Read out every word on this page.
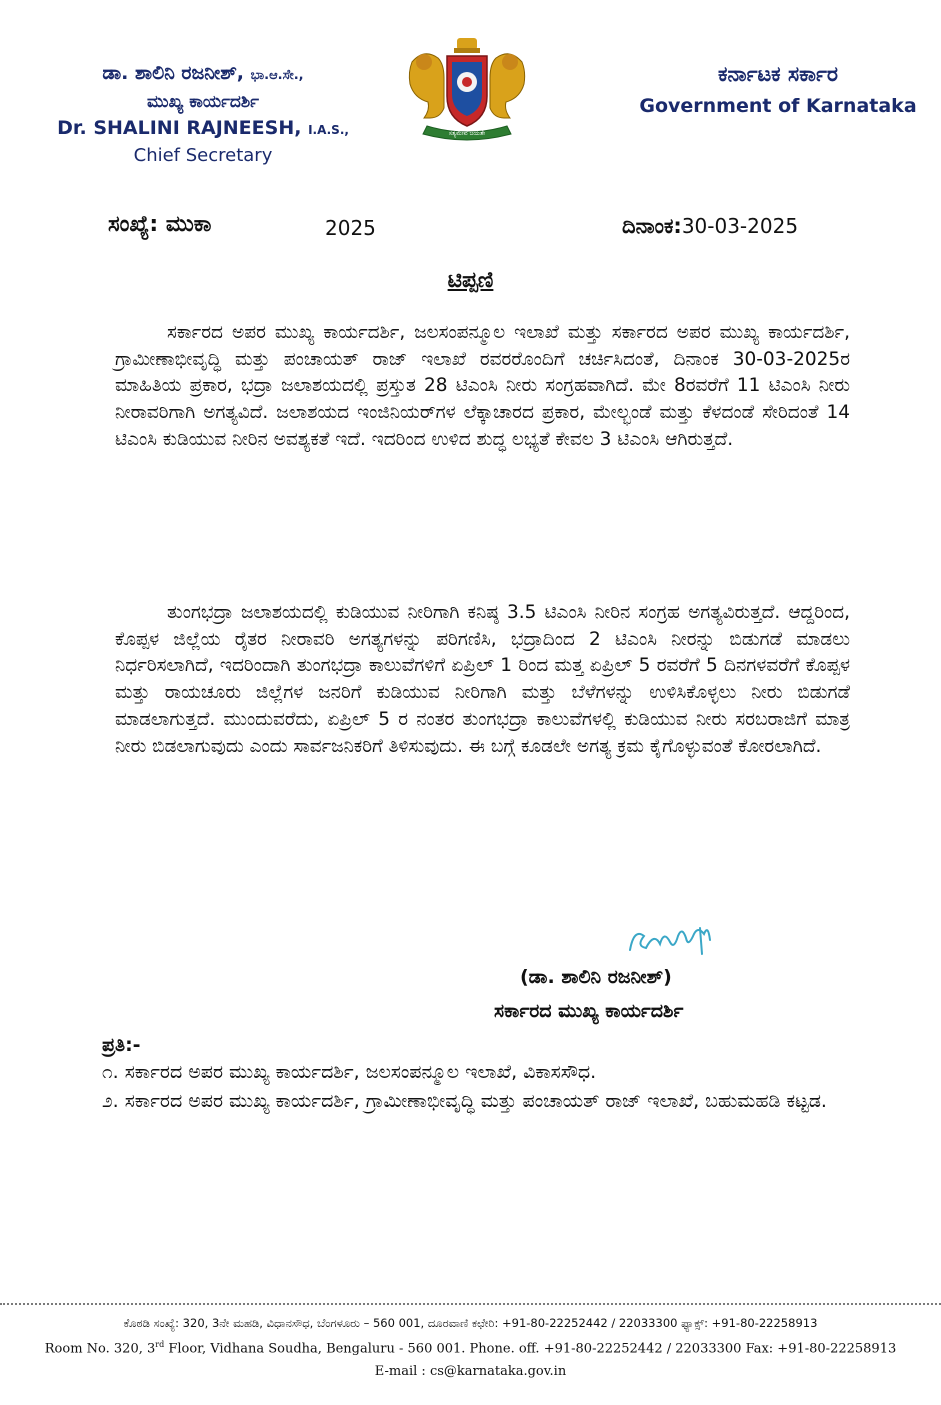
ಡಾ. ಶಾಲಿನಿ ರಜನೀಶ್, ಭಾ.ಆ.ಸೇ.,
ಮುಖ್ಯ ಕಾರ್ಯದರ್ಶಿ
Dr. SHALINI RAJNEESH, I.A.S.,
Chief Secretary
ಸತ್ಯಮೇವ ಜಯತೇ
ಕರ್ನಾಟಕ ಸರ್ಕಾರ
Government of Karnataka
ಸಂಖ್ಯೆ: ಮುಕಾ	2025	ದಿನಾಂಕ:30-03-2025
ಟಿಪ್ಪಣಿ
ಸರ್ಕಾರದ ಅಪರ ಮುಖ್ಯ ಕಾರ್ಯದರ್ಶಿ, ಜಲಸಂಪನ್ಮೂಲ ಇಲಾಖೆ ಮತ್ತು ಸರ್ಕಾರದ ಅಪರ ಮುಖ್ಯ ಕಾರ್ಯದರ್ಶಿ, ಗ್ರಾಮೀಣಾಭೀವೃದ್ಧಿ ಮತ್ತು ಪಂಚಾಯತ್ ರಾಜ್ ಇಲಾಖೆ ರವರರೊಂದಿಗೆ ಚರ್ಚಿಸಿದಂತೆ, ದಿನಾಂಕ 30-03-2025ರ ಮಾಹಿತಿಯ ಪ್ರಕಾರ, ಭದ್ರಾ ಜಲಾಶಯದಲ್ಲಿ ಪ್ರಸ್ತುತ 28 ಟಿಎಂಸಿ ನೀರು ಸಂಗ್ರಹವಾಗಿದೆ. ಮೇ 8ರವರೆಗೆ 11 ಟಿಎಂಸಿ ನೀರು ನೀರಾವರಿಗಾಗಿ ಅಗತ್ಯವಿದೆ. ಜಲಾಶಯದ ಇಂಜಿನಿಯರ್‌ಗಳ ಲೆಕ್ಕಾಚಾರದ ಪ್ರಕಾರ, ಮೇಲ್ಭಂಡೆ ಮತ್ತು ಕೆಳದಂಡೆ ಸೇರಿದಂತೆ 14 ಟಿಎಂಸಿ ಕುಡಿಯುವ ನೀರಿನ ಅವಶ್ಯಕತೆ ಇದೆ. ಇದರಿಂದ ಉಳಿದ ಶುದ್ಧ ಲಭ್ಯತೆ ಕೇವಲ 3 ಟಿಎಂಸಿ ಆಗಿರುತ್ತದೆ.
ತುಂಗಭದ್ರಾ ಜಲಾಶಯದಲ್ಲಿ ಕುಡಿಯುವ ನೀರಿಗಾಗಿ ಕನಿಷ್ಠ 3.5 ಟಿಎಂಸಿ ನೀರಿನ ಸಂಗ್ರಹ ಅಗತ್ಯವಿರುತ್ತದೆ. ಆದ್ದರಿಂದ, ಕೊಪ್ಪಳ ಜಿಲ್ಲೆಯ ರೈತರ ನೀರಾವರಿ ಅಗತ್ಯಗಳನ್ನು ಪರಿಗಣಿಸಿ, ಭದ್ರಾದಿಂದ 2 ಟಿಎಂಸಿ ನೀರನ್ನು ಬಿಡುಗಡೆ ಮಾಡಲು ನಿರ್ಧರಿಸಲಾಗಿದೆ, ಇದರಿಂದಾಗಿ ತುಂಗಭದ್ರಾ ಕಾಲುವೆಗಳಿಗೆ ಏಪ್ರಿಲ್ 1 ರಿಂದ ಮತ್ತ ಏಪ್ರಿಲ್ 5 ರವರೆಗೆ 5 ದಿನಗಳವರೆಗೆ ಕೊಪ್ಪಳ ಮತ್ತು ರಾಯಚೂರು ಜಿಲ್ಲೆಗಳ ಜನರಿಗೆ ಕುಡಿಯುವ ನೀರಿಗಾಗಿ ಮತ್ತು ಬೆಳೆಗಳನ್ನು ಉಳಿಸಿಕೊಳ್ಳಲು ನೀರು ಬಿಡುಗಡೆ ಮಾಡಲಾಗುತ್ತದೆ. ಮುಂದುವರೆದು, ಏಪ್ರಿಲ್ 5 ರ ನಂತರ ತುಂಗಭದ್ರಾ ಕಾಲುವೆಗಳಲ್ಲಿ ಕುಡಿಯುವ ನೀರು ಸರಬರಾಜಿಗೆ ಮಾತ್ರ ನೀರು ಬಿಡಲಾಗುವುದು ಎಂದು ಸಾರ್ವಜನಿಕರಿಗೆ ತಿಳಿಸುವುದು. ಈ ಬಗ್ಗೆ ಕೂಡಲೇ ಅಗತ್ಯ ಕ್ರಮ ಕೈಗೊಳ್ಳುವಂತೆ ಕೋರಲಾಗಿದೆ.
(ಡಾ. ಶಾಲಿನಿ ರಜನೀಶ್)
ಸರ್ಕಾರದ ಮುಖ್ಯ ಕಾರ್ಯದರ್ಶಿ
ಪ್ರತಿ:-

೧. ಸರ್ಕಾರದ ಅಪರ ಮುಖ್ಯ ಕಾರ್ಯದರ್ಶಿ, ಜಲಸಂಪನ್ಮೂಲ ಇಲಾಖೆ, ವಿಕಾಸಸೌಧ.

೨. ಸರ್ಕಾರದ ಅಪರ ಮುಖ್ಯ ಕಾರ್ಯದರ್ಶಿ, ಗ್ರಾಮೀಣಾಭೀವೃದ್ಧಿ ಮತ್ತು ಪಂಚಾಯತ್ ರಾಜ್ ಇಲಾಖೆ, ಬಹುಮಹಡಿ ಕಟ್ಟಡ.

ಕೊಠಡಿ ಸಂಖ್ಯೆ: 320, 3ನೇ ಮಹಡಿ, ವಿಧಾನಸೌಧ, ಬೆಂಗಳೂರು – 560 001, ದೂರವಾಣಿ ಕಛೇರಿ: +91-80-22252442 / 22033300 ಫ್ಯಾಕ್ಸ್: +91-80-22258913
Room No. 320, 3rd Floor, Vidhana Soudha, Bengaluru - 560 001. Phone. off. +91-80-22252442 / 22033300 Fax: +91-80-22258913
E-mail : cs@karnataka.gov.in
